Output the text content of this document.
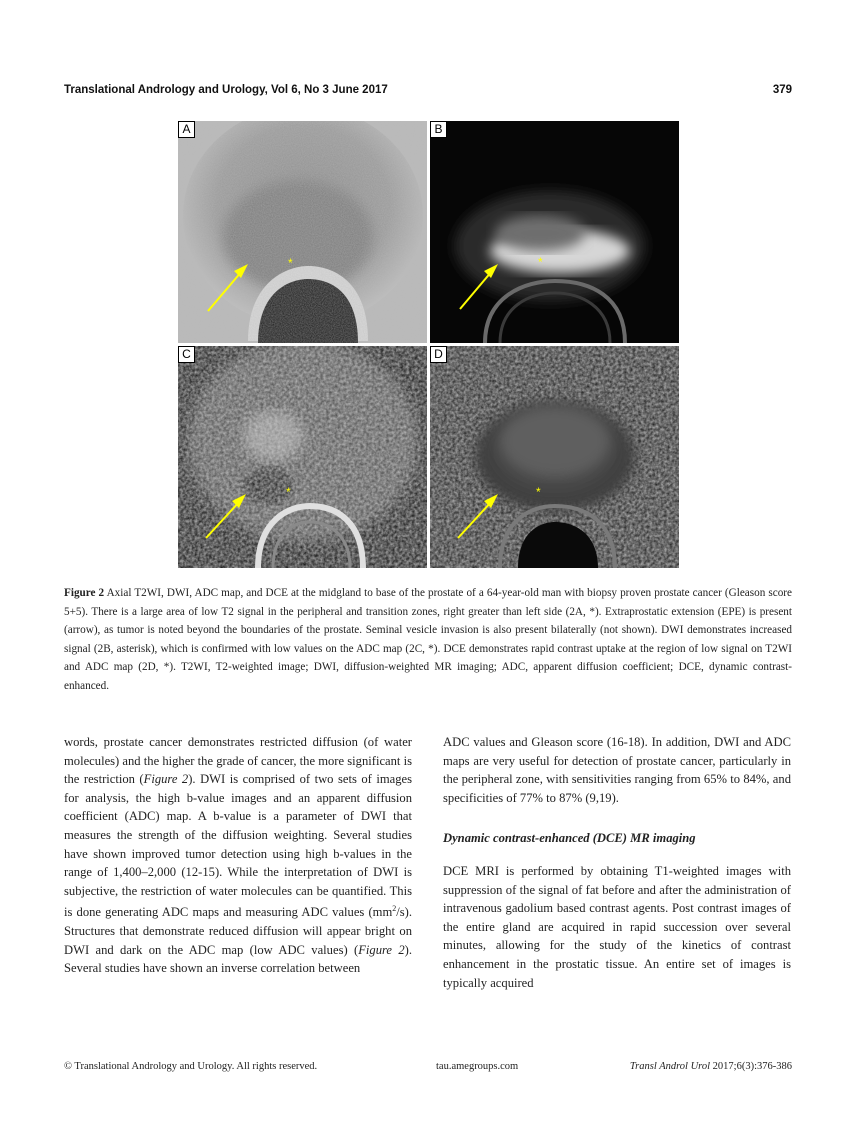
Translational Andrology and Urology, Vol 6, No 3 June 2017	379
*
A
*
B
*
C
*
D
Figure 2 Axial T2WI, DWI, ADC map, and DCE at the midgland to base of the prostate of a 64-year-old man with biopsy proven prostate cancer (Gleason score 5+5). There is a large area of low T2 signal in the peripheral and transition zones, right greater than left side (2A, *). Extraprostatic extension (EPE) is present (arrow), as tumor is noted beyond the boundaries of the prostate. Seminal vesicle invasion is also present bilaterally (not shown). DWI demonstrates increased signal (2B, asterisk), which is confirmed with low values on the ADC map (2C, *). DCE demonstrates rapid contrast uptake at the region of low signal on T2WI and ADC map (2D, *). T2WI, T2-weighted image; DWI, diffusion-weighted MR imaging; ADC, apparent diffusion coefficient; DCE, dynamic contrast-enhanced.

words, prostate cancer demonstrates restricted diffusion (of water molecules) and the higher the grade of cancer, the more significant is the restriction (Figure 2). DWI is comprised of two sets of images for analysis, the high b-value images and an apparent diffusion coefficient (ADC) map. A b-value is a parameter of DWI that measures the strength of the diffusion weighting. Several studies have shown improved tumor detection using high b-values in the range of 1,400–2,000 (12-15). While the interpretation of DWI is subjective, the restriction of water molecules can be quantified. This is done generating ADC maps and measuring ADC values $(mm^2/s)$. Structures that demonstrate reduced diffusion will appear bright on DWI and dark on the ADC map (low ADC values) (Figure 2). Several studies have shown an inverse correlation between

ADC values and Gleason score (16-18). In addition, DWI and ADC maps are very useful for detection of prostate cancer, particularly in the peripheral zone, with sensitivities ranging from 65% to 84%, and specificities of 77% to 87% (9,19).

Dynamic contrast-enhanced (DCE) MR imaging

DCE MRI is performed by obtaining T1-weighted images with suppression of the signal of fat before and after the administration of intravenous gadolium based contrast agents. Post contrast images of the entire gland are acquired in rapid succession over several minutes, allowing for the study of the kinetics of contrast enhancement in the prostatic tissue. An entire set of images is typically acquired

© Translational Andrology and Urology. All rights reserved.	tau.amegroups.com	Transl Androl Urol 2017;6(3):376-386
